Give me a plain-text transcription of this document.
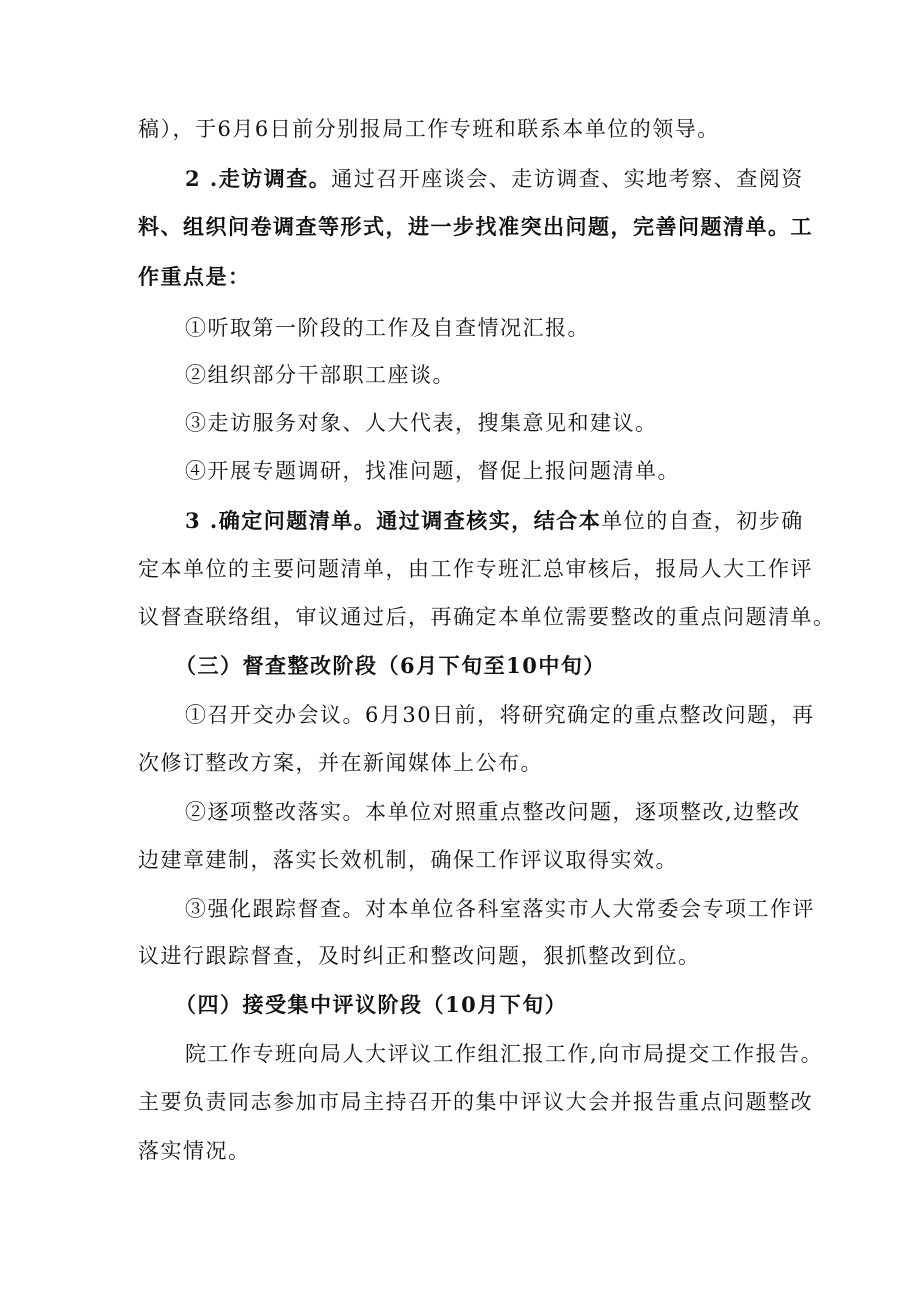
稿），于6月6日前分别报局工作专班和联系本单位的领导。
2 .走访调查。通过召开座谈会、走访调查、实地考察、查阅资
料、组织问卷调查等形式，进一步找准突出问题，完善问题清单。工
作重点是：
①听取第一阶段的工作及自查情况汇报。
②组织部分干部职工座谈。
③走访服务对象、人大代表，搜集意见和建议。
④开展专题调研，找准问题，督促上报问题清单。
3 .确定问题清单。通过调查核实，结合本单位的自查，初步确
定本单位的主要问题清单，由工作专班汇总审核后，报局人大工作评
议督查联络组，审议通过后，再确定本单位需要整改的重点问题清单。
（三）督查整改阶段（6月下旬至10中旬）
①召开交办会议。6月30日前，将研究确定的重点整改问题，再
次修订整改方案，并在新闻媒体上公布。
②逐项整改落实。本单位对照重点整改问题，逐项整改,边整改
边建章建制，落实长效机制，确保工作评议取得实效。
③强化跟踪督查。对本单位各科室落实市人大常委会专项工作评
议进行跟踪督查，及时纠正和整改问题，狠抓整改到位。
（四）接受集中评议阶段（10月下旬）
院工作专班向局人大评议工作组汇报工作,向市局提交工作报告。
主要负责同志参加市局主持召开的集中评议大会并报告重点问题整改
落实情况。
